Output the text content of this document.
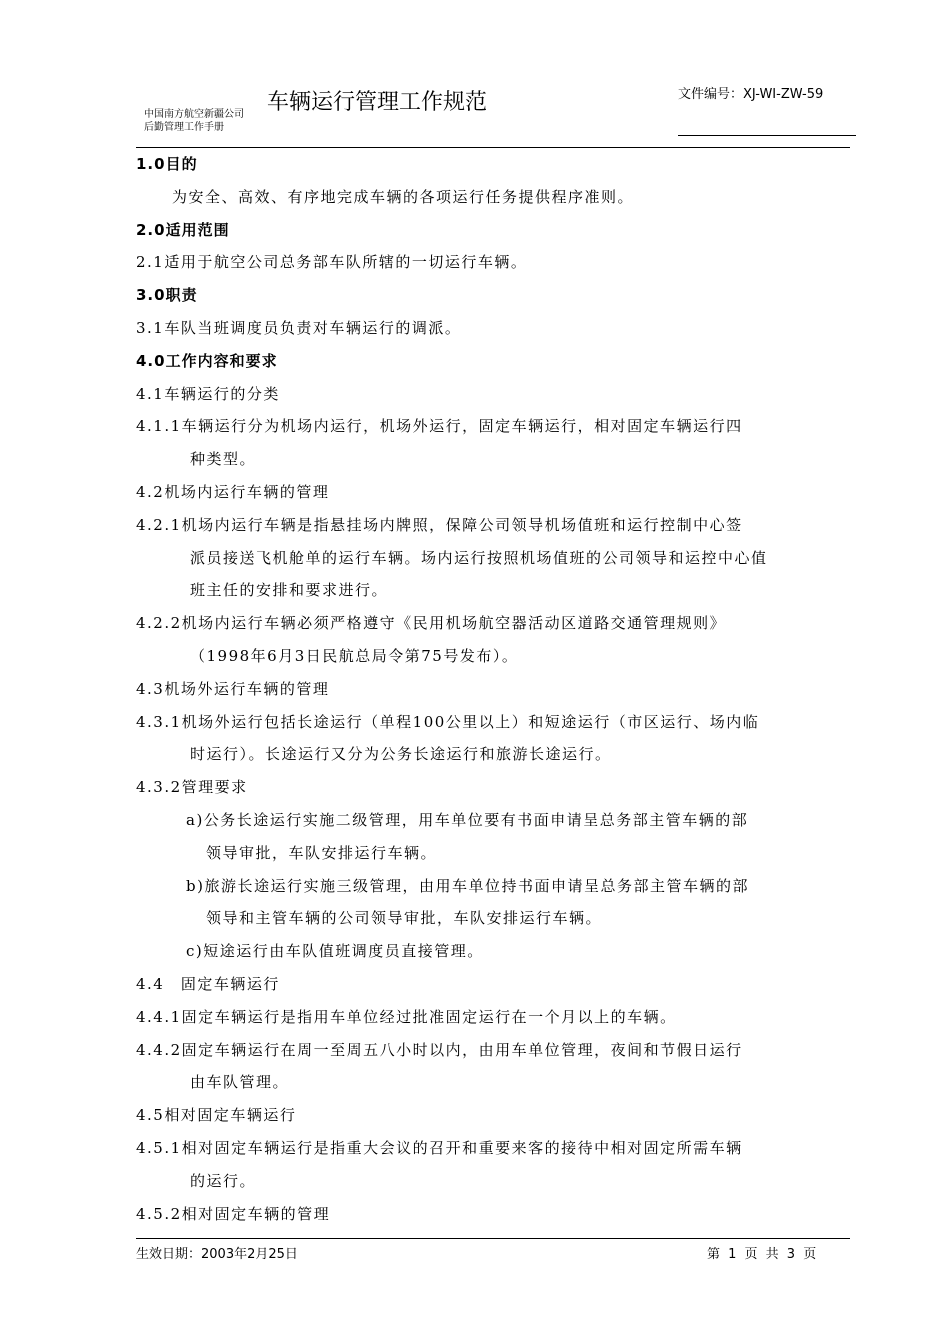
中国南方航空新疆公司
后勤管理工作手册
车辆运行管理工作规范	文件编号：XJ-WI-ZW-59
1.0目的
为安全、高效、有序地完成车辆的各项运行任务提供程序准则。
2.0适用范围
2.1适用于航空公司总务部车队所辖的一切运行车辆。
3.0职责
3.1车队当班调度员负责对车辆运行的调派。
4.0工作内容和要求
4.1车辆运行的分类
4.1.1车辆运行分为机场内运行，机场外运行，固定车辆运行，相对固定车辆运行四
种类型。
4.2机场内运行车辆的管理
4.2.1机场内运行车辆是指悬挂场内牌照，保障公司领导机场值班和运行控制中心签
派员接送飞机舱单的运行车辆。场内运行按照机场值班的公司领导和运控中心值
班主任的安排和要求进行。
4.2.2机场内运行车辆必须严格遵守《民用机场航空器活动区道路交通管理规则》
（1998年6月3日民航总局令第75号发布）。
4.3机场外运行车辆的管理
4.3.1机场外运行包括长途运行（单程100公里以上）和短途运行（市区运行、场内临
时运行）。长途运行又分为公务长途运行和旅游长途运行。
4.3.2管理要求
a)公务长途运行实施二级管理，用车单位要有书面申请呈总务部主管车辆的部
领导审批，车队安排运行车辆。
b)旅游长途运行实施三级管理，由用车单位持书面申请呈总务部主管车辆的部
领导和主管车辆的公司领导审批，车队安排运行车辆。
c)短途运行由车队值班调度员直接管理。
4.4　固定车辆运行
4.4.1固定车辆运行是指用车单位经过批准固定运行在一个月以上的车辆。
4.4.2固定车辆运行在周一至周五八小时以内，由用车单位管理，夜间和节假日运行
由车队管理。
4.5相对固定车辆运行
4.5.1相对固定车辆运行是指重大会议的召开和重要来客的接待中相对固定所需车辆
的运行。
4.5.2相对固定车辆的管理
生效日期：2003年2月25日	第 1 页 共 3 页
